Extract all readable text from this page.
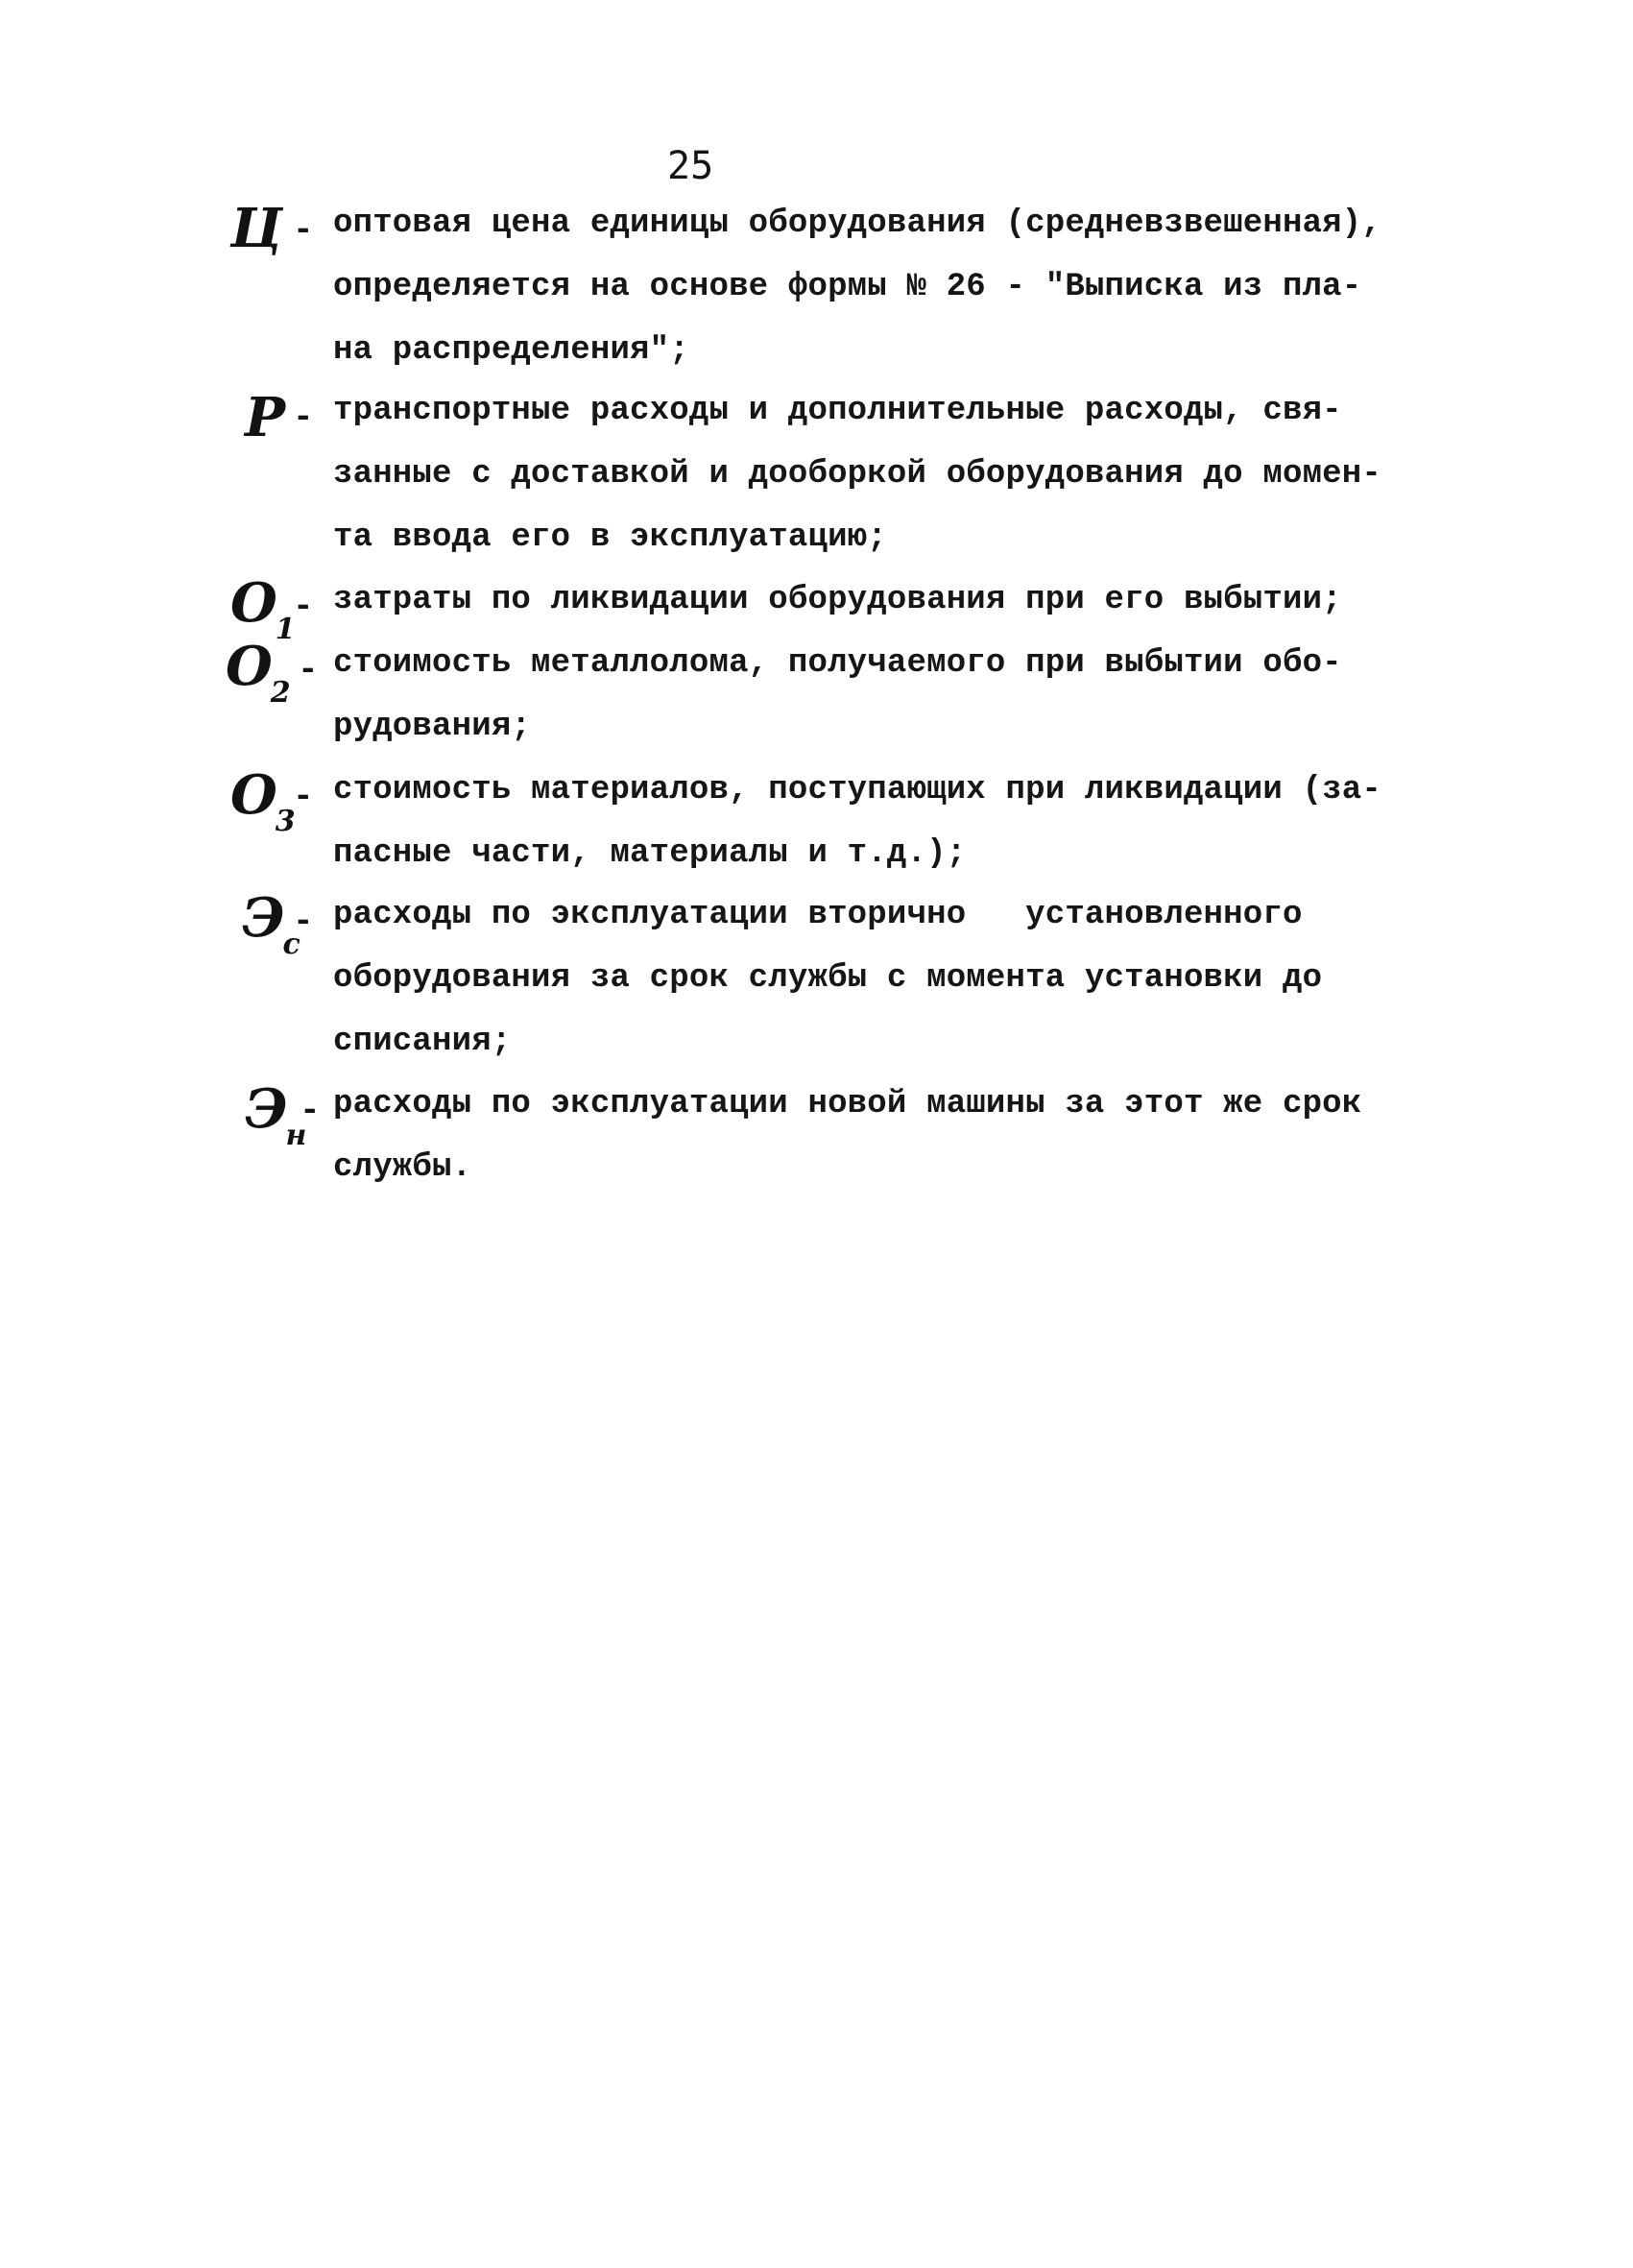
25
Ц - оптовая цена единицы оборудования (средневзвешенная),
определяется на основе формы № 26 - "Выписка из пла-
на распределения";
P - транспортные расходы и дополнительные расходы, свя-
занные с доставкой и дооборкой оборудования до момен-
та ввода его в эксплуатацию;
$O_1$
- затраты по ликвидации оборудования при его выбытии;
$O_2$
- стоимость металлолома, получаемого при выбытии обо-
рудования;
$O_3$
- стоимость материалов, поступающих при ликвидации (за-
пасные части, материалы и т.д.);
$Э_с$
- расходы по эксплуатации вторично   установленного
оборудования за срок службы с момента установки до
списания;
$Э_н$
- расходы по эксплуатации новой машины за этот же срок
службы.
